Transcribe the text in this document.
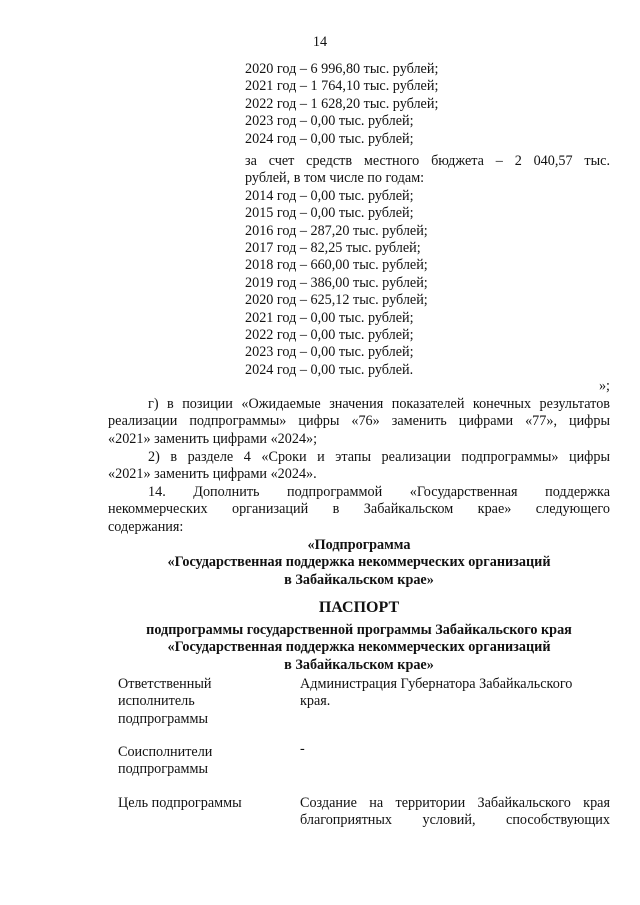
14
2020 год – 6 996,80 тыс. рублей;
2021 год – 1 764,10 тыс. рублей;
2022 год – 1 628,20 тыс. рублей;
2023 год – 0,00 тыс. рублей;
2024 год – 0,00 тыс. рублей;
за счет средств местного бюджета – 2 040,57 тыс.
рублей, в том числе по годам:
2014 год – 0,00 тыс. рублей;
2015 год – 0,00 тыс. рублей;
2016 год – 287,20 тыс. рублей;
2017 год – 82,25 тыс. рублей;
2018 год – 660,00 тыс. рублей;
2019 год – 386,00 тыс. рублей;
2020 год – 625,12 тыс. рублей;
2021 год – 0,00 тыс. рублей;
2022 год – 0,00 тыс. рублей;
2023 год – 0,00 тыс. рублей;
2024 год – 0,00 тыс. рублей.
»;
г) в позиции «Ожидаемые значения показателей конечных результатов
реализации подпрограммы» цифры «76» заменить цифрами «77», цифры
«2021» заменить цифрами «2024»;
2) в разделе 4 «Сроки и этапы реализации подпрограммы» цифры
«2021» заменить цифрами «2024».
14. Дополнить подпрограммой «Государственная поддержка
некоммерческих организаций в Забайкальском крае» следующего
содержания:
«Подпрограмма
«Государственная поддержка некоммерческих организаций
в Забайкальском крае»
ПАСПОРТ
подпрограммы государственной программы Забайкальского края
«Государственная поддержка некоммерческих организаций
в Забайкальском крае»
Ответственный
исполнитель
подпрограммы
Администрация Губернатора Забайкальского
края.
Соисполнители
подпрограммы
-
Цель подпрограммы	Создание на территории Забайкальского края
благоприятных условий, способствующих
